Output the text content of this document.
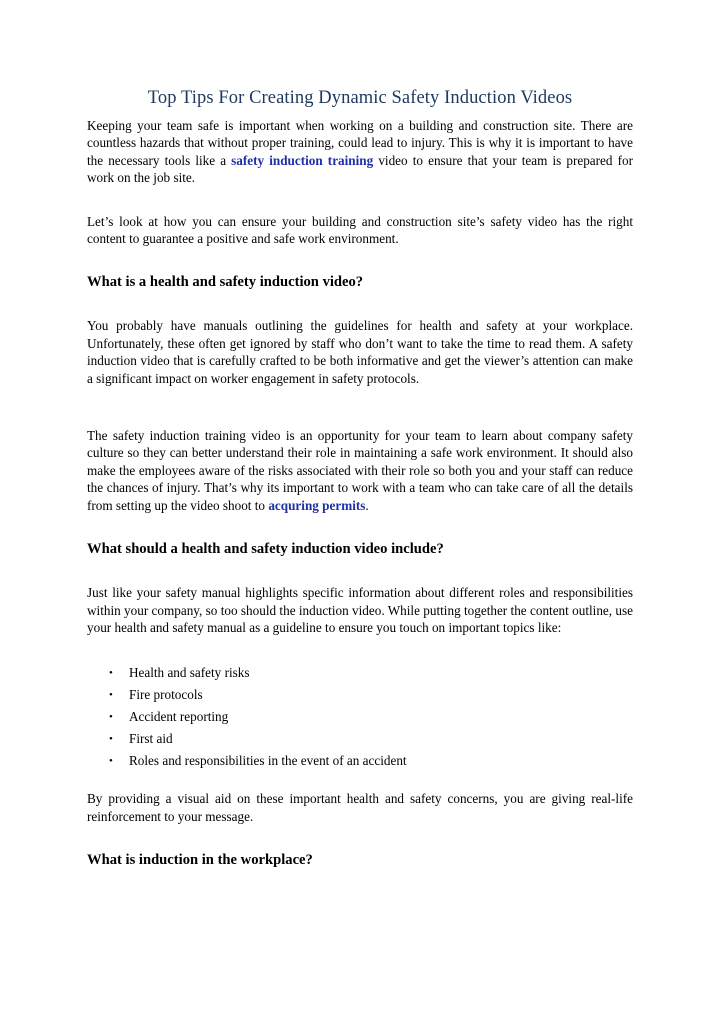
Top Tips For Creating Dynamic Safety Induction Videos

Keeping your team safe is important when working on a building and construction site. There are countless hazards that without proper training, could lead to injury. This is why it is important to have the necessary tools like a safety induction training video to ensure that your team is prepared for work on the job site.

Let’s look at how you can ensure your building and construction site’s safety video has the right content to guarantee a positive and safe work environment.

What is a health and safety induction video?

You probably have manuals outlining the guidelines for health and safety at your workplace. Unfortunately, these often get ignored by staff who don’t want to take the time to read them. A safety induction video that is carefully crafted to be both informative and get the viewer’s attention can make a significant impact on worker engagement in safety protocols.

The safety induction training video is an opportunity for your team to learn about company safety culture so they can better understand their role in maintaining a safe work environment. It should also make the employees aware of the risks associated with their role so both you and your staff can reduce the chances of injury. That’s why its important to work with a team who can take care of all the details from setting up the video shoot to acquring permits.

What should a health and safety induction video include?

Just like your safety manual highlights specific information about different roles and responsibilities within your company, so too should the induction video. While putting together the content outline, use your health and safety manual as a guideline to ensure you touch on important topics like:

• Health and safety risks
• Fire protocols
• Accident reporting
• First aid
• Roles and responsibilities in the event of an accident

By providing a visual aid on these important health and safety concerns, you are giving real-life reinforcement to your message.

What is induction in the workplace?
